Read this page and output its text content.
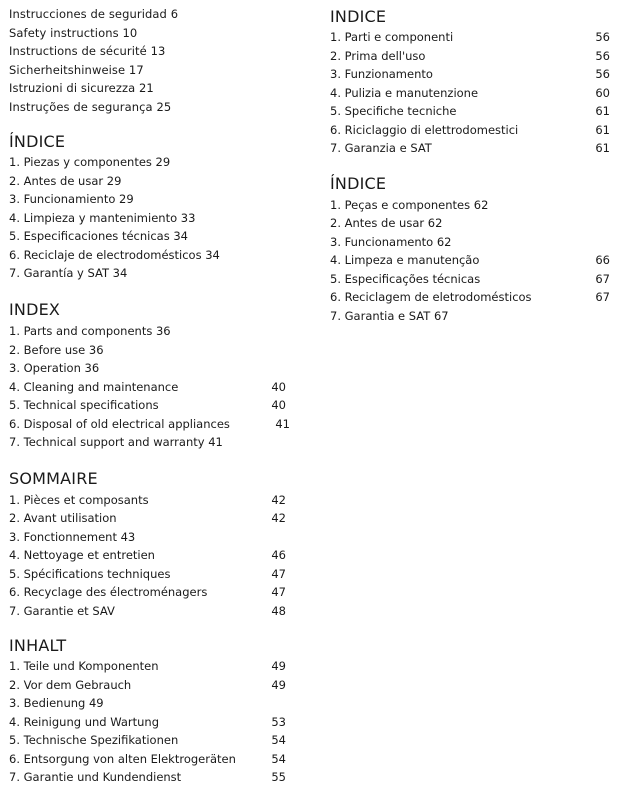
Instrucciones de seguridad 6
Safety instructions 10
Instructions de sécurité 13
Sicherheitshinweise 17
Istruzioni di sicurezza 21
Instruções de segurança 25
ÍNDICE
1. Piezas y componentes 29
2. Antes de usar 29
3. Funcionamiento 29
4. Limpieza y mantenimiento 33
5. Especificaciones técnicas 34
6. Reciclaje de electrodomésticos 34
7. Garantía y SAT 34
INDEX
1. Parts and components 36
2. Before use 36
3. Operation 36
4. Cleaning and maintenance	40
5. Technical specifications	40
6. Disposal of old electrical appliances	41
7. Technical support and warranty 41
SOMMAIRE
1. Pièces et composants	42
2. Avant utilisation	42
3. Fonctionnement 43
4. Nettoyage et entretien	46
5. Spécifications techniques	47
6. Recyclage des électroménagers	47
7. Garantie et SAV	48
INHALT
1. Teile und Komponenten	49
2. Vor dem Gebrauch	49
3. Bedienung 49
4. Reinigung und Wartung	53
5. Technische Spezifikationen	54
6. Entsorgung von alten Elektrogeräten	54
7. Garantie und Kundendienst	55
INDICE
1. Parti e componenti	56
2. Prima dell'uso	56
3. Funzionamento	56
4. Pulizia e manutenzione	60
5. Specifiche tecniche	61
6. Riciclaggio di elettrodomestici	61
7. Garanzia e SAT	61
ÍNDICE
1. Peças e componentes 62
2. Antes de usar 62
3. Funcionamento 62
4. Limpeza e manutenção	66
5. Especificações técnicas	67
6. Reciclagem de eletrodomésticos	67
7. Garantia e SAT 67
